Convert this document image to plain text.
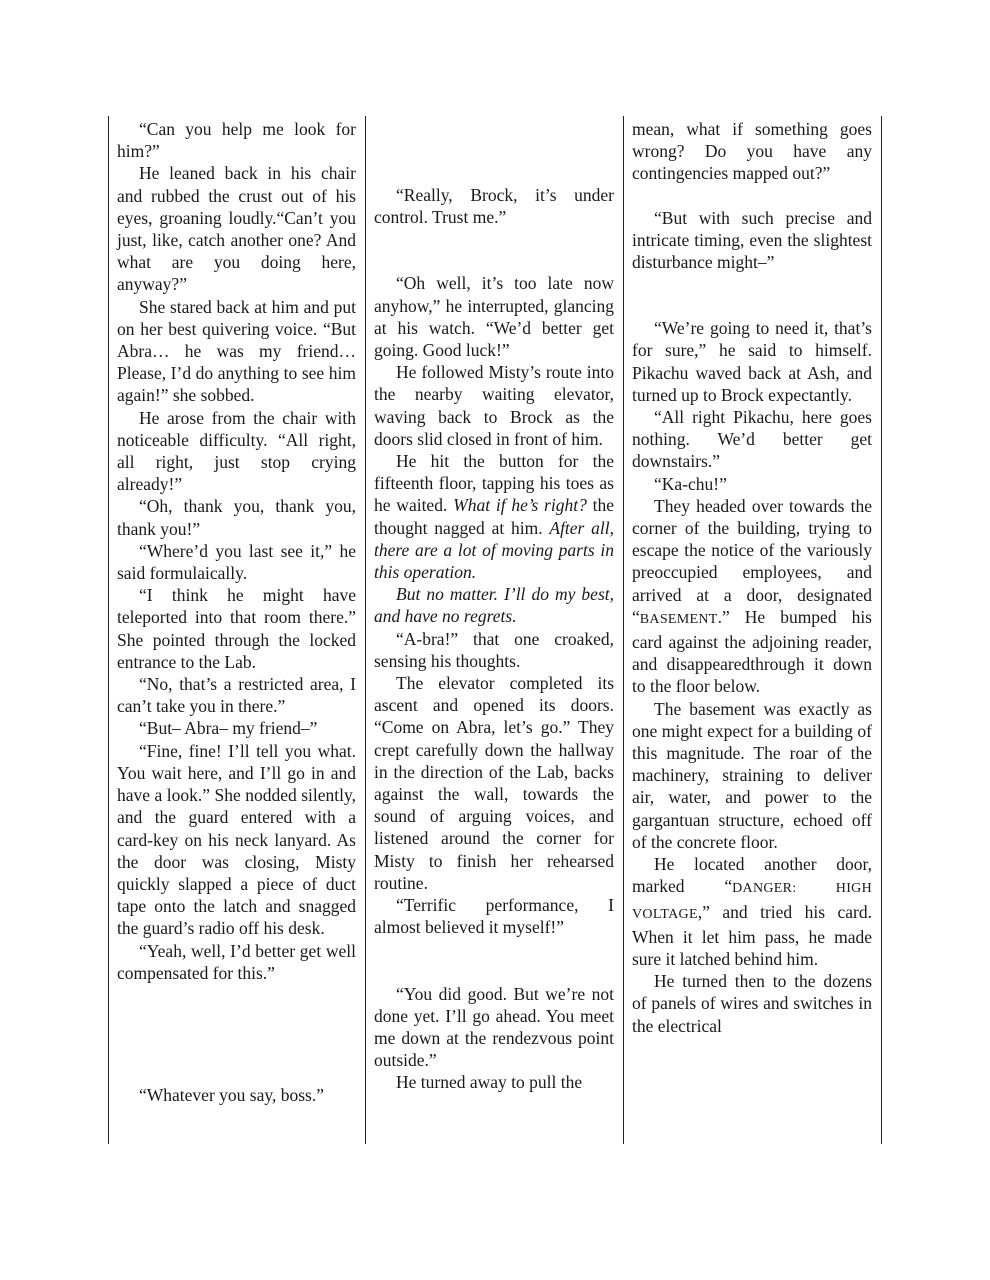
“Can you help me look for him?”

He leaned back in his chair and rubbed the crust out of his eyes, groaning loudly.“Can’t you just, like, catch another one? And what are you doing here, anyway?”

She stared back at him and put on her best quivering voice. “But Abra… he was my friend… Please, I’d do anything to see him again!” she sobbed.

He arose from the chair with noticeable difficulty. “All right, all right, just stop crying already!”

“Oh, thank you, thank you, thank you!”

“Where’d you last see it,” he said formulaically.

“I think he might have teleported into that room there.” She pointed through the locked entrance to the Lab.

“No, that’s a restricted area, I can’t take you in there.”

“But– Abra– my friend–”

“Fine, fine! I’ll tell you what. You wait here, and I’ll go in and have a look.” She nodded silently, and the guard entered with a card-key on his neck lanyard. As the door was closing, Misty quickly slapped a piece of duct tape onto the latch and snagged the guard’s radio off his desk.

“Yeah, well, I’d better get well compensated for this.”

“Whatever you say, boss.”

“Really, Brock, it’s under control. Trust me.”

“Oh well, it’s too late now anyhow,” he interrupted, glancing at his watch. “We’d better get going. Good luck!”

He followed Misty’s route into the nearby waiting elevator, waving back to Brock as the doors slid closed in front of him.

He hit the button for the fifteenth floor, tapping his toes as he waited. What if he’s right? the thought nagged at him. After all, there are a lot of moving parts in this operation.

But no matter. I’ll do my best, and have no regrets.

“A-bra!” that one croaked, sensing his thoughts.

The elevator completed its ascent and opened its doors. “Come on Abra, let’s go.” They crept carefully down the hallway in the direction of the Lab, backs against the wall, towards the sound of arguing voices, and listened around the corner for Misty to finish her rehearsed routine.

“Terrific performance, I almost believed it myself!”

“You did good. But we’re not done yet. I’ll go ahead. You meet me down at the rendezvous point outside.”

He turned away to pull the

mean, what if something goes wrong? Do you have any contingencies mapped out?”

“But with such precise and intricate timing, even the slightest disturbance might–”

“We’re going to need it, that’s for sure,” he said to himself. Pikachu waved back at Ash, and turned up to Brock expectantly.

“All right Pikachu, here goes nothing. We’d better get downstairs.”

“Ka-chu!”

They headed over towards the corner of the building, trying to escape the notice of the variously preoccupied employees, and arrived at a door, designated “BASEMENT.” He bumped his card against the adjoining reader, and disappearedthrough it down to the floor below.

The basement was exactly as one might expect for a building of this magnitude. The roar of the machinery, straining to deliver air, water, and power to the gargantuan structure, echoed off of the concrete floor.

He located another door, marked “DANGER: HIGH VOLTAGE,” and tried his card. When it let him pass, he made sure it latched behind him.

He turned then to the dozens of panels of wires and switches in the electrical
